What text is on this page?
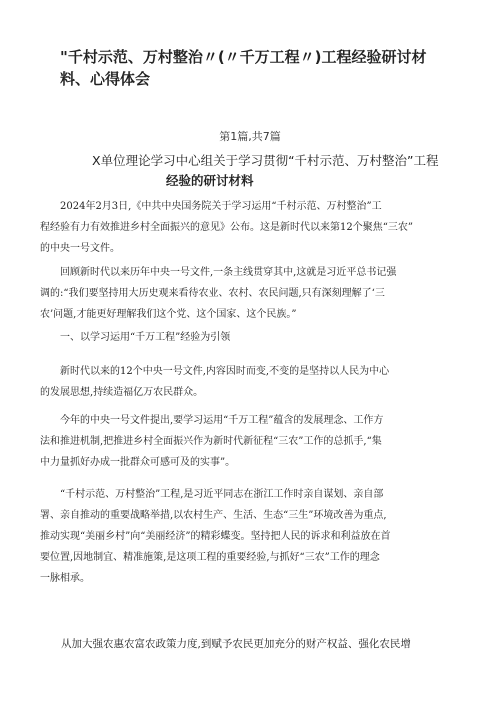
"千村示范、万村整治〃(〃千万工程〃)工程经验研讨材
料、心得体会
第1篇,共7篇
X单位理论学习中心组关于学习贯彻“千村示范、万村整治”工程
经验的研讨材料
2024年2月3日,《中共中央国务院关于学习运用“千村示范、万村整治”工
程经验有力有效推进乡村全面振兴的意见》公布。这是新时代以来第12个聚焦“三农”
的中央一号文件。
回顾新时代以来历年中央一号文件,一条主线贯穿其中,这就是习近平总书记强
调的:“我们要坚持用大历史观来看待农业、农村、农民问题,只有深刻理解了‘三
农’问题,才能更好理解我们这个党、这个国家、这个民族。”
一、以学习运用“千万工程”经验为引领
新时代以来的12个中央一号文件,内容因时而变,不变的是坚持以人民为中心
的发展思想,持续造福亿万农民群众。
今年的中央一号文件提出,要学习运用“千万工程”蕴含的发展理念、工作方
法和推进机制,把推进乡村全面振兴作为新时代新征程“三农”工作的总抓手,“集
中力量抓好办成一批群众可感可及的实事”。
“千村示范、万村整治”工程,是习近平同志在浙江工作时亲自谋划、亲自部
署、亲自推动的重要战略举措,以农村生产、生活、生态“三生”环境改善为重点,
推动实现“美丽乡村”向“美丽经济”的精彩蝶变。坚持把人民的诉求和利益放在首
要位置,因地制宜、精准施策,是这项工程的重要经验,与抓好“三农”工作的理念
一脉相承。
从加大强农惠农富农政策力度,到赋予农民更加充分的财产权益、强化农民增
